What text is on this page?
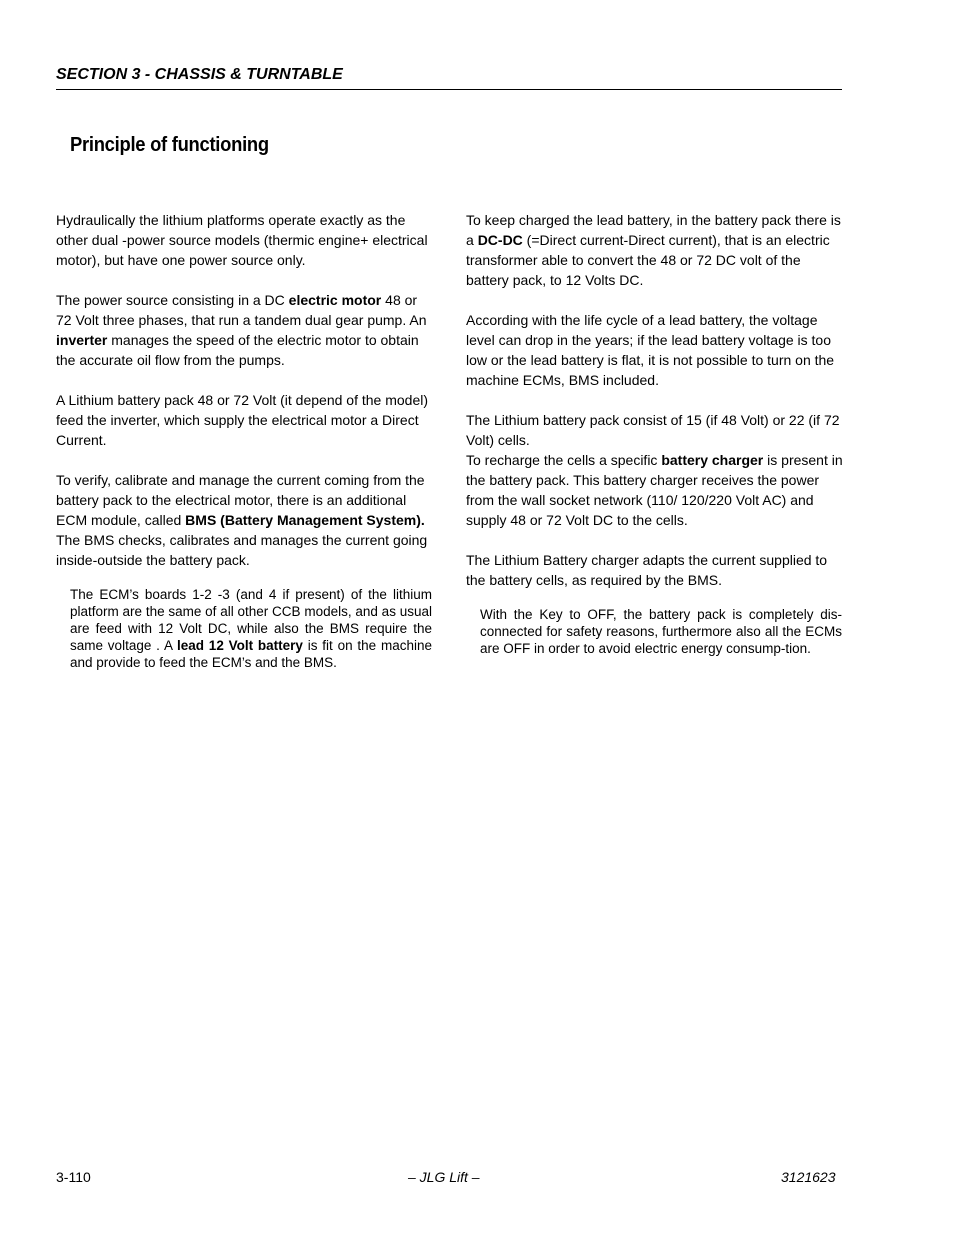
SECTION 3 - CHASSIS & TURNTABLE
Principle of functioning

Hydraulically the lithium platforms operate exactly as the other dual -power source models (thermic engine+ electrical motor), but have one power source only.

The power source consisting in a DC electric motor 48 or 72 Volt three phases, that run a tandem dual gear pump. An inverter manages the speed of the electric motor to obtain the accurate oil flow from the pumps.

A Lithium battery pack 48 or 72 Volt (it depend of the model) feed the inverter, which supply the electrical motor a Direct Current.

To verify, calibrate and manage the current coming from the battery pack to the electrical motor, there is an additional ECM module, called BMS (Battery Management System). The BMS checks, calibrates and manages the current going inside-outside the battery pack.

The ECM’s boards 1-2 -3 (and 4 if present) of the lithium platform are the same of all other CCB models, and as usual are feed with 12 Volt DC, while also the BMS require the same voltage . A lead 12 Volt battery is fit on the machine and provide to feed the ECM’s and the BMS.

To keep charged the lead battery, in the battery pack there is a DC-DC (=Direct current-Direct current), that is an electric transformer able to convert the 48 or 72 DC volt of the battery pack, to 12 Volts DC.

According with the life cycle of a lead battery, the voltage level can drop in the years; if the lead battery voltage is too low or the lead battery is flat, it is not possible to turn on the machine ECMs, BMS included.

The Lithium battery pack consist of 15 (if 48 Volt) or 22 (if 72 Volt) cells.

To recharge the cells a specific battery charger is present in the battery pack. This battery charger receives the power from the wall socket network (110/ 120/220 Volt AC) and supply 48 or 72 Volt DC to the cells.

The Lithium Battery charger adapts the current supplied to the battery cells, as required by the BMS.

With the Key to OFF, the battery pack is completely dis-connected for safety reasons, furthermore also all the ECMs are OFF in order to avoid electric energy consump-tion.

3-110	– JLG Lift –	3121623
